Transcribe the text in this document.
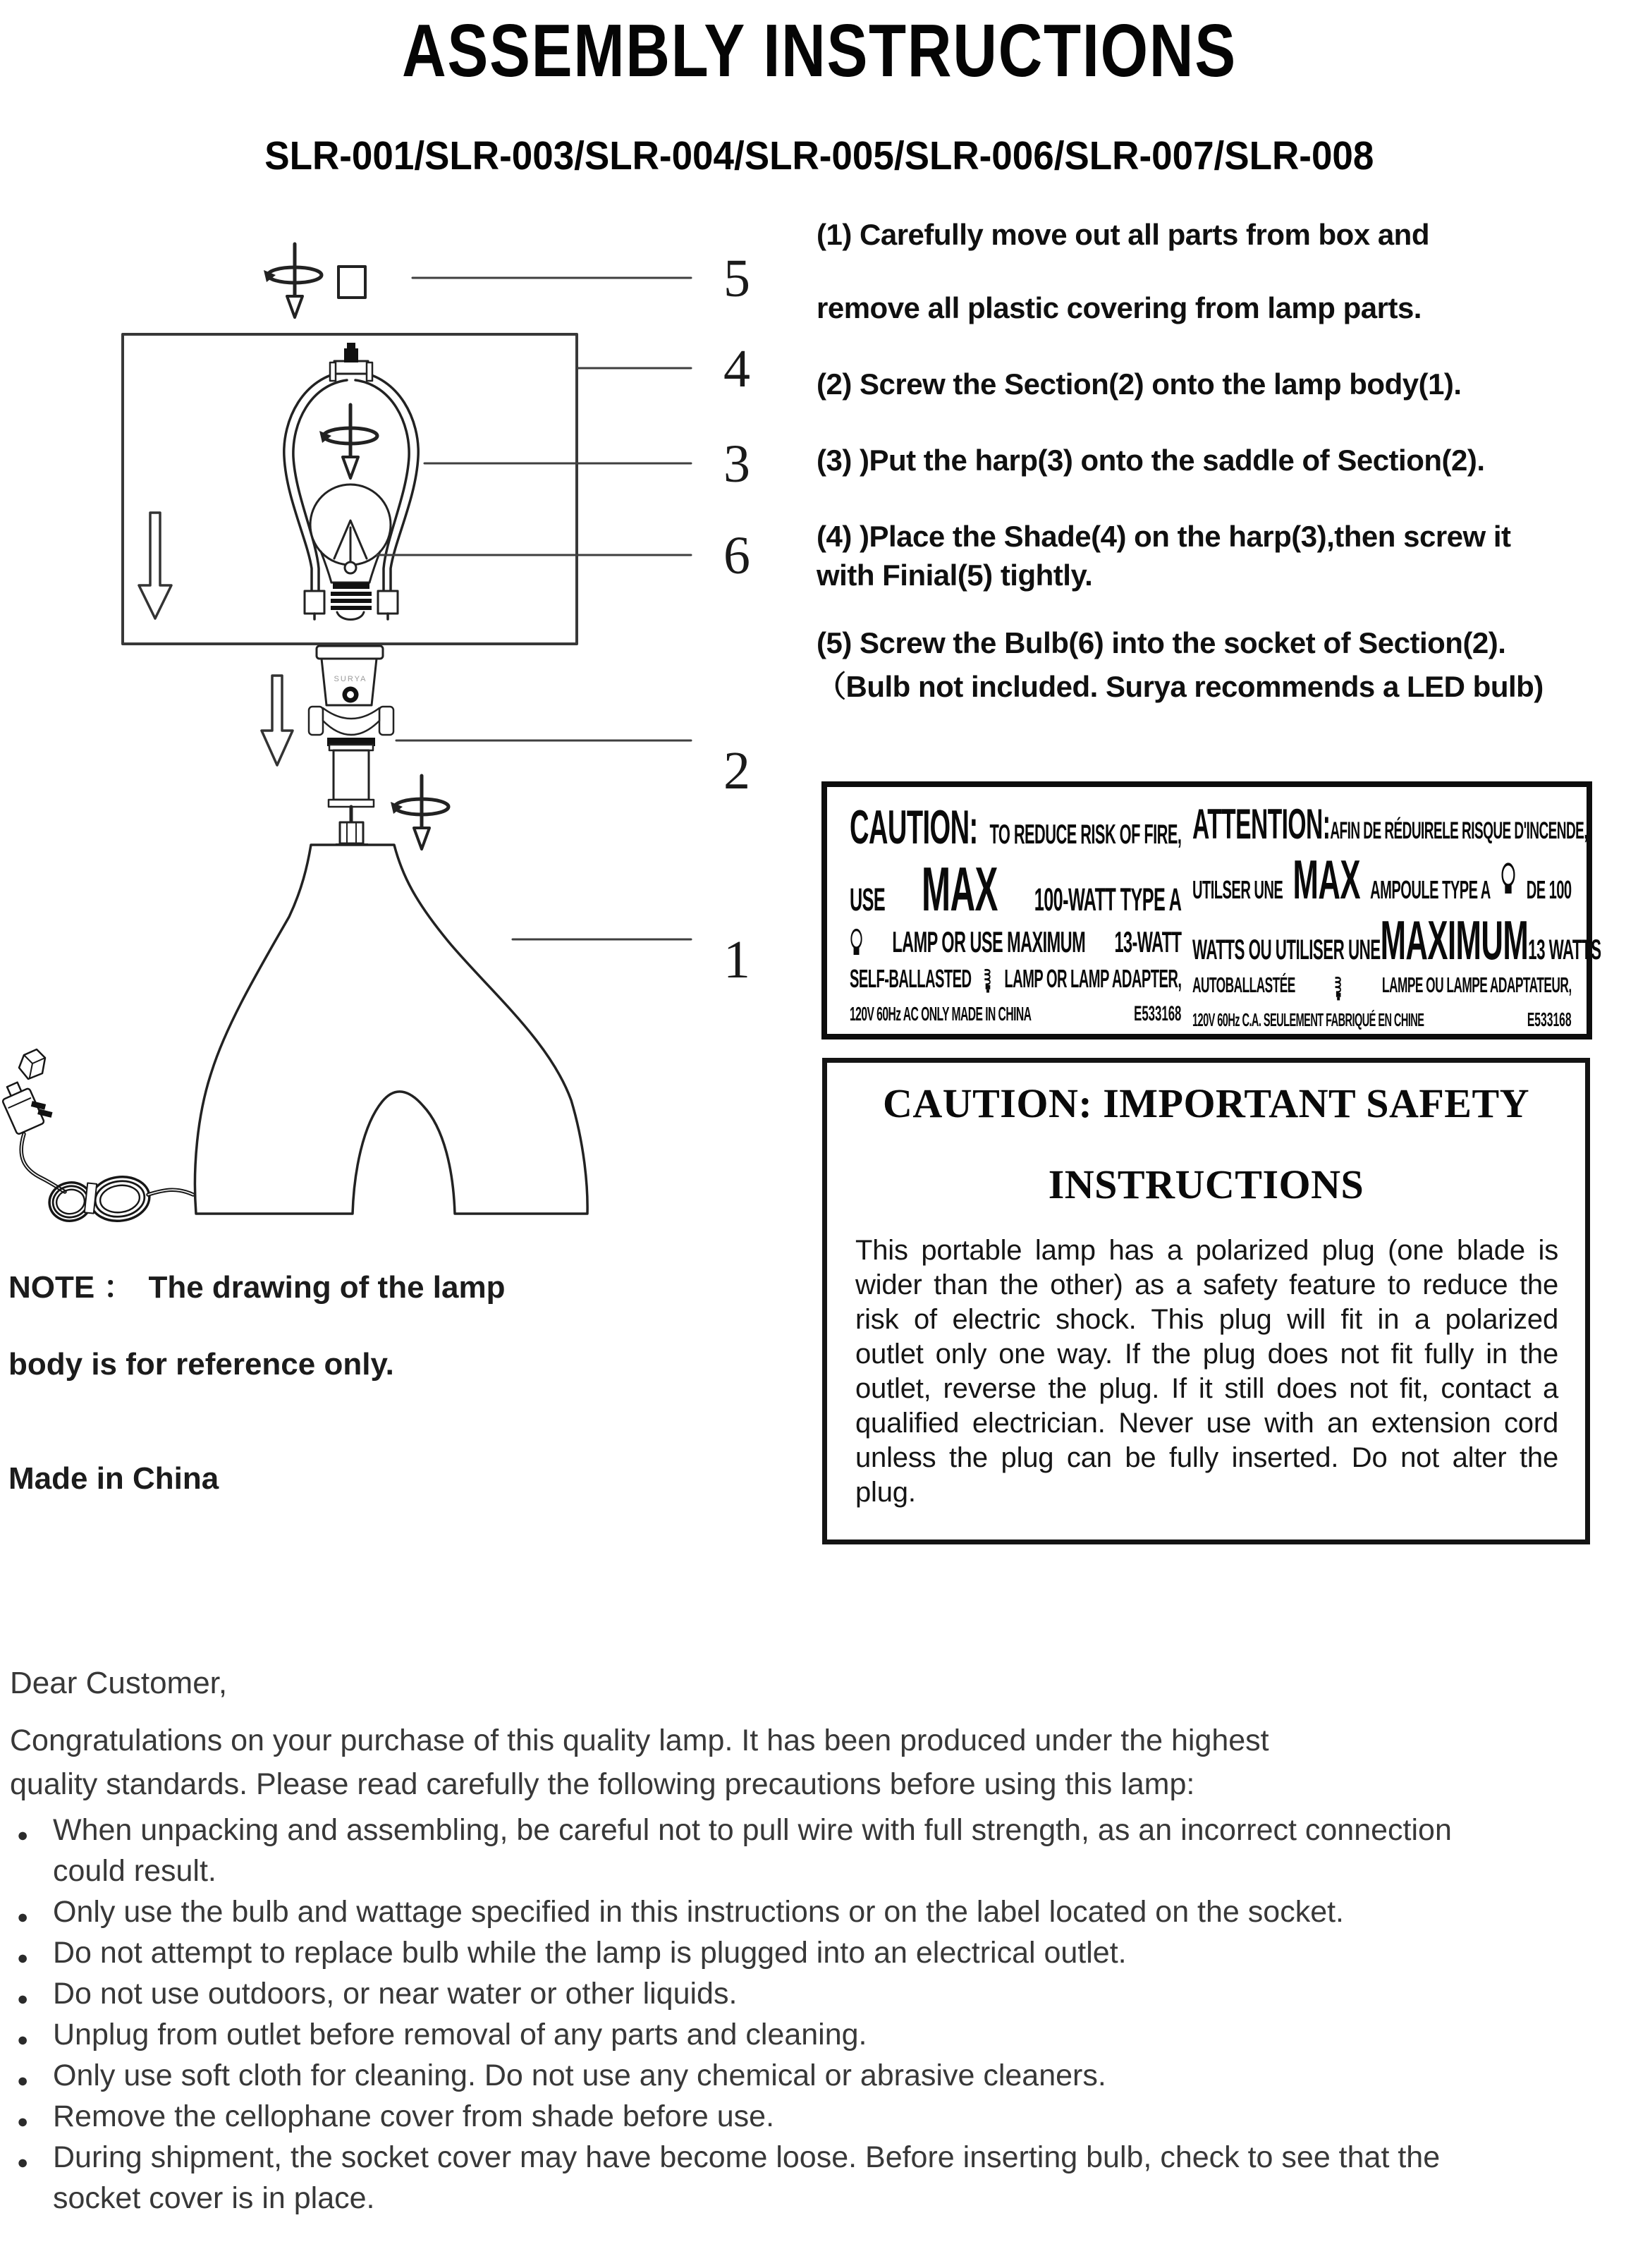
ASSEMBLY INSTRUCTIONS
SLR-001/SLR-003/SLR-004/SLR-005/SLR-006/SLR-007/SLR-008
5
4
3
6
2
1
SURYA

(1) Carefully move out all parts from box and

remove all plastic covering from lamp parts.

(2) Screw the Section(2) onto the lamp body(1).

(3) )Put the harp(3) onto the saddle of Section(2).

(4) )Place the Shade(4) on the harp(3),then screw it

with Finial(5) tightly.

(5) Screw the Bulb(6) into the socket of Section(2).

（Bulb not included. Surya recommends a LED bulb)

NOTE ： The drawing of the lamp
body is for reference only.
Made in China
CAUTION: TO REDUCE RISK OF FIRE,
USE MAX 100-WATT TYPE A
LAMP OR USE MAXIMUM 13-WATT
SELF-BALLASTED LAMP OR LAMP ADAPTER,
120V 60Hz AC ONLY MADE IN CHINA	E533168
ATTENTION: AFIN DE RÉDUIRELE RISQUE D'INCENDE,
UTILSER UNE MAX AMPOULE TYPE A DE 100
WATTS OU UTILISER UNE MAXIMUM 13 WATTS
AUTOBALLASTÉE	LAMPE OU LAMPE ADAPTATEUR,
120V 60Hz C.A. SEULEMENT FABRIQUÉ EN CHINE	E533168
CAUTION: IMPORTANT SAFETY
INSTRUCTIONS
This portable lamp has a polarized plug (one blade is wider than the other) as a safety feature to reduce the risk of electric shock. This plug will fit in a polarized outlet only one way. If the plug does not fit fully in the outlet, reverse the plug. If it still does not fit, contact a qualified electrician. Never use with an extension cord unless the plug can be fully inserted. Do not alter the plug.
Dear Customer,
Congratulations on your purchase of this quality lamp. It has been produced under the highest
quality standards. Please read carefully the following precautions before using this lamp:
● When unpacking and assembling, be careful not to pull wire with full strength, as an incorrect connection could result.
● Only use the bulb and wattage specified in this instructions or on the label located on the socket.
● Do not attempt to replace bulb while the lamp is plugged into an electrical outlet.
● Do not use outdoors, or near water or other liquids.
● Unplug from outlet before removal of any parts and cleaning.
● Only use soft cloth for cleaning. Do not use any chemical or abrasive cleaners.
● Remove the cellophane cover from shade before use.
● During shipment, the socket cover may have become loose. Before inserting bulb, check to see that the socket cover is in place.
